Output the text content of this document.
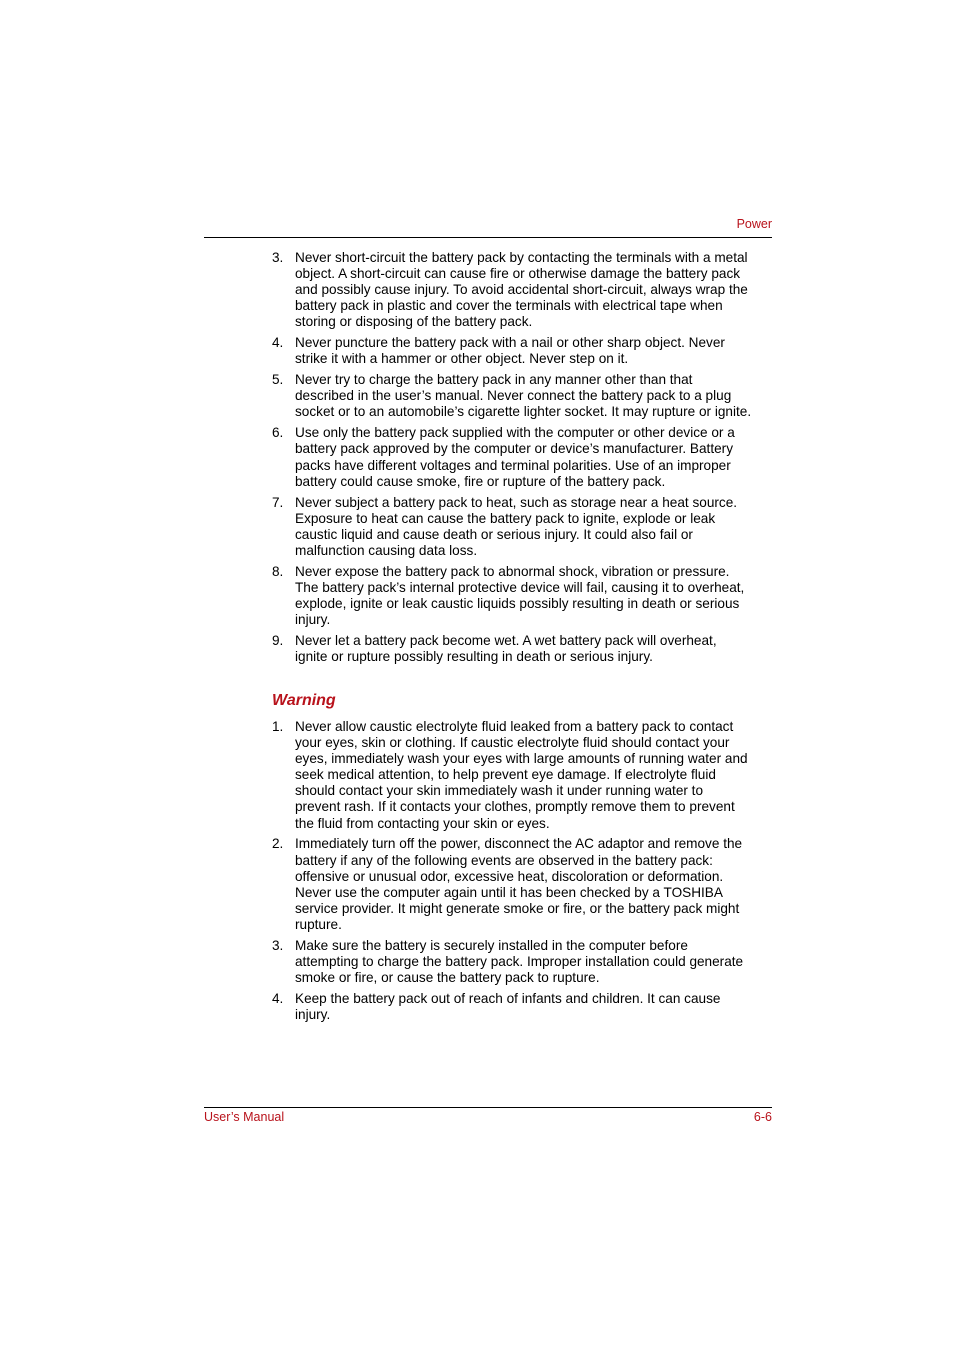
Power
3. Never short-circuit the battery pack by contacting the terminals with a metal object. A short-circuit can cause fire or otherwise damage the battery pack and possibly cause injury. To avoid accidental short-circuit, always wrap the battery pack in plastic and cover the terminals with electrical tape when storing or disposing of the battery pack.
4. Never puncture the battery pack with a nail or other sharp object. Never strike it with a hammer or other object. Never step on it.
5. Never try to charge the battery pack in any manner other than that described in the user’s manual. Never connect the battery pack to a plug socket or to an automobile’s cigarette lighter socket. It may rupture or ignite.
6. Use only the battery pack supplied with the computer or other device or a battery pack approved by the computer or device’s manufacturer. Battery packs have different voltages and terminal polarities. Use of an improper battery could cause smoke, fire or rupture of the battery pack.
7. Never subject a battery pack to heat, such as storage near a heat source. Exposure to heat can cause the battery pack to ignite, explode or leak caustic liquid and cause death or serious injury. It could also fail or malfunction causing data loss.
8. Never expose the battery pack to abnormal shock, vibration or pressure. The battery pack’s internal protective device will fail, causing it to overheat, explode, ignite or leak caustic liquids possibly resulting in death or serious injury.
9. Never let a battery pack become wet. A wet battery pack will overheat, ignite or rupture possibly resulting in death or serious injury.
Warning
1. Never allow caustic electrolyte fluid leaked from a battery pack to contact your eyes, skin or clothing. If caustic electrolyte fluid should contact your eyes, immediately wash your eyes with large amounts of running water and seek medical attention, to help prevent eye damage. If electrolyte fluid should contact your skin immediately wash it under running water to prevent rash. If it contacts your clothes, promptly remove them to prevent the fluid from contacting your skin or eyes.
2. Immediately turn off the power, disconnect the AC adaptor and remove the battery if any of the following events are observed in the battery pack: offensive or unusual odor, excessive heat, discoloration or deformation. Never use the computer again until it has been checked by a TOSHIBA service provider. It might generate smoke or fire, or the battery pack might rupture.
3. Make sure the battery is securely installed in the computer before attempting to charge the battery pack. Improper installation could generate smoke or fire, or cause the battery pack to rupture.
4. Keep the battery pack out of reach of infants and children. It can cause injury.
User’s Manual	6-6
